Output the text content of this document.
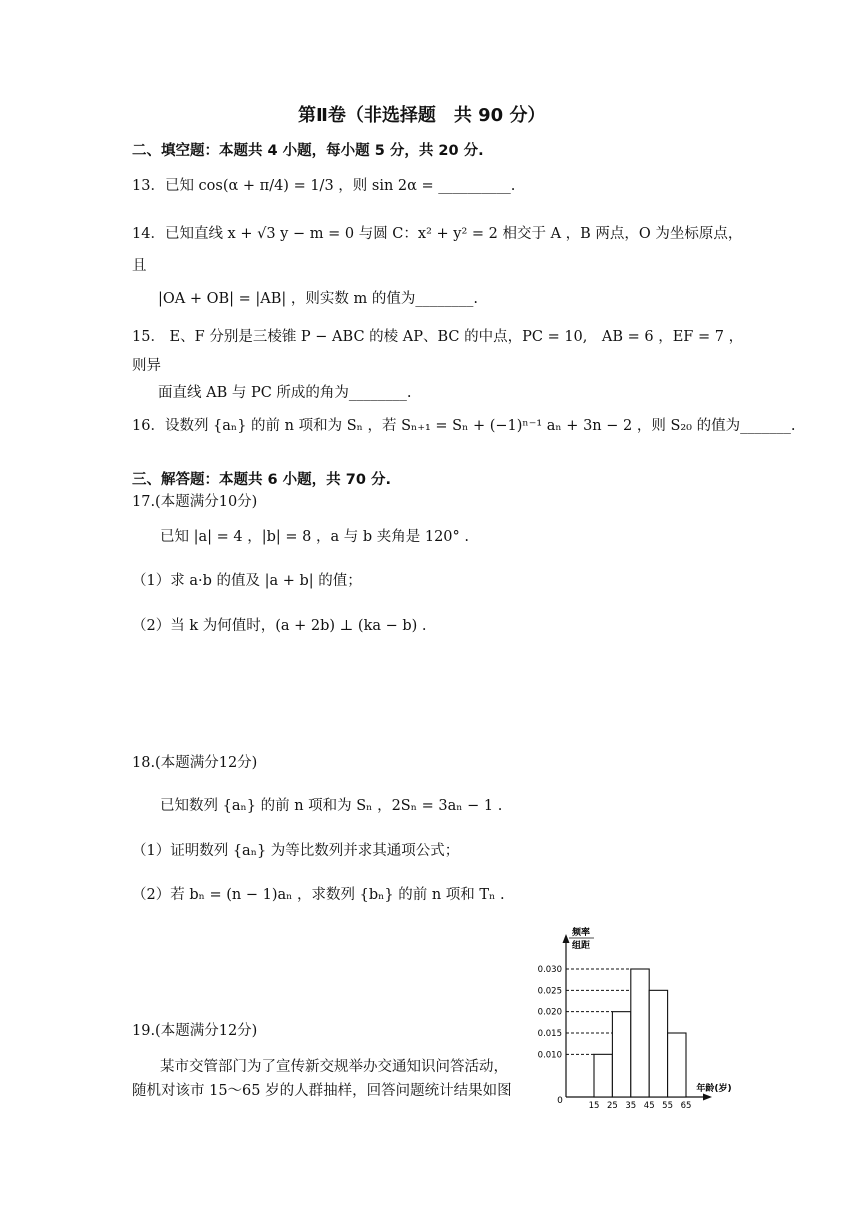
第Ⅱ卷（非选择题　共 90 分）
二、填空题：本题共 4 小题，每小题 5 分，共 20 分.
13．已知 cos(α + π/4) = 1/3 ，则 sin 2α = __________.
14．已知直线 x + √3 y − m = 0 与圆 C：x² + y² = 2 相交于 A ，B 两点，O 为坐标原点，
且
|OA + OB| = |AB| ，则实数 m 的值为________.
15． E、F 分别是三棱锥 P − ABC 的棱 AP、BC 的中点，PC = 10,　AB = 6 ，EF = 7 ，
则异
面直线 AB 与 PC 所成的角为________.
16．设数列 {aₙ} 的前 n 项和为 Sₙ ，若 Sₙ₊₁ = Sₙ + (−1)ⁿ⁻¹ aₙ + 3n − 2 ，则 S₂₀ 的值为_______.
三、解答题：本题共 6 小题，共 70 分.
17.(本题满分10分)
已知 |a| = 4 ，|b| = 8 ，a 与 b 夹角是 120° .
（1）求 a·b 的值及 |a + b| 的值；
（2）当 k 为何值时，(a + 2b) ⊥ (ka − b) .
18.(本题满分12分)
已知数列 {aₙ} 的前 n 项和为 Sₙ ，2Sₙ = 3aₙ − 1 .
（1）证明数列 {aₙ} 为等比数列并求其通项公式；
（2）若 bₙ = (n − 1)aₙ ，求数列 {bₙ} 的前 n 项和 Tₙ .
19.(本题满分12分)
某市交管部门为了宣传新交规举办交通知识问答活动，
随机对该市 15～65 岁的人群抽样，回答问题统计结果如图
频率
组距
年龄(岁)
0
0.010
0.015
0.020
0.025
0.030
15 25 35 45 55 65
